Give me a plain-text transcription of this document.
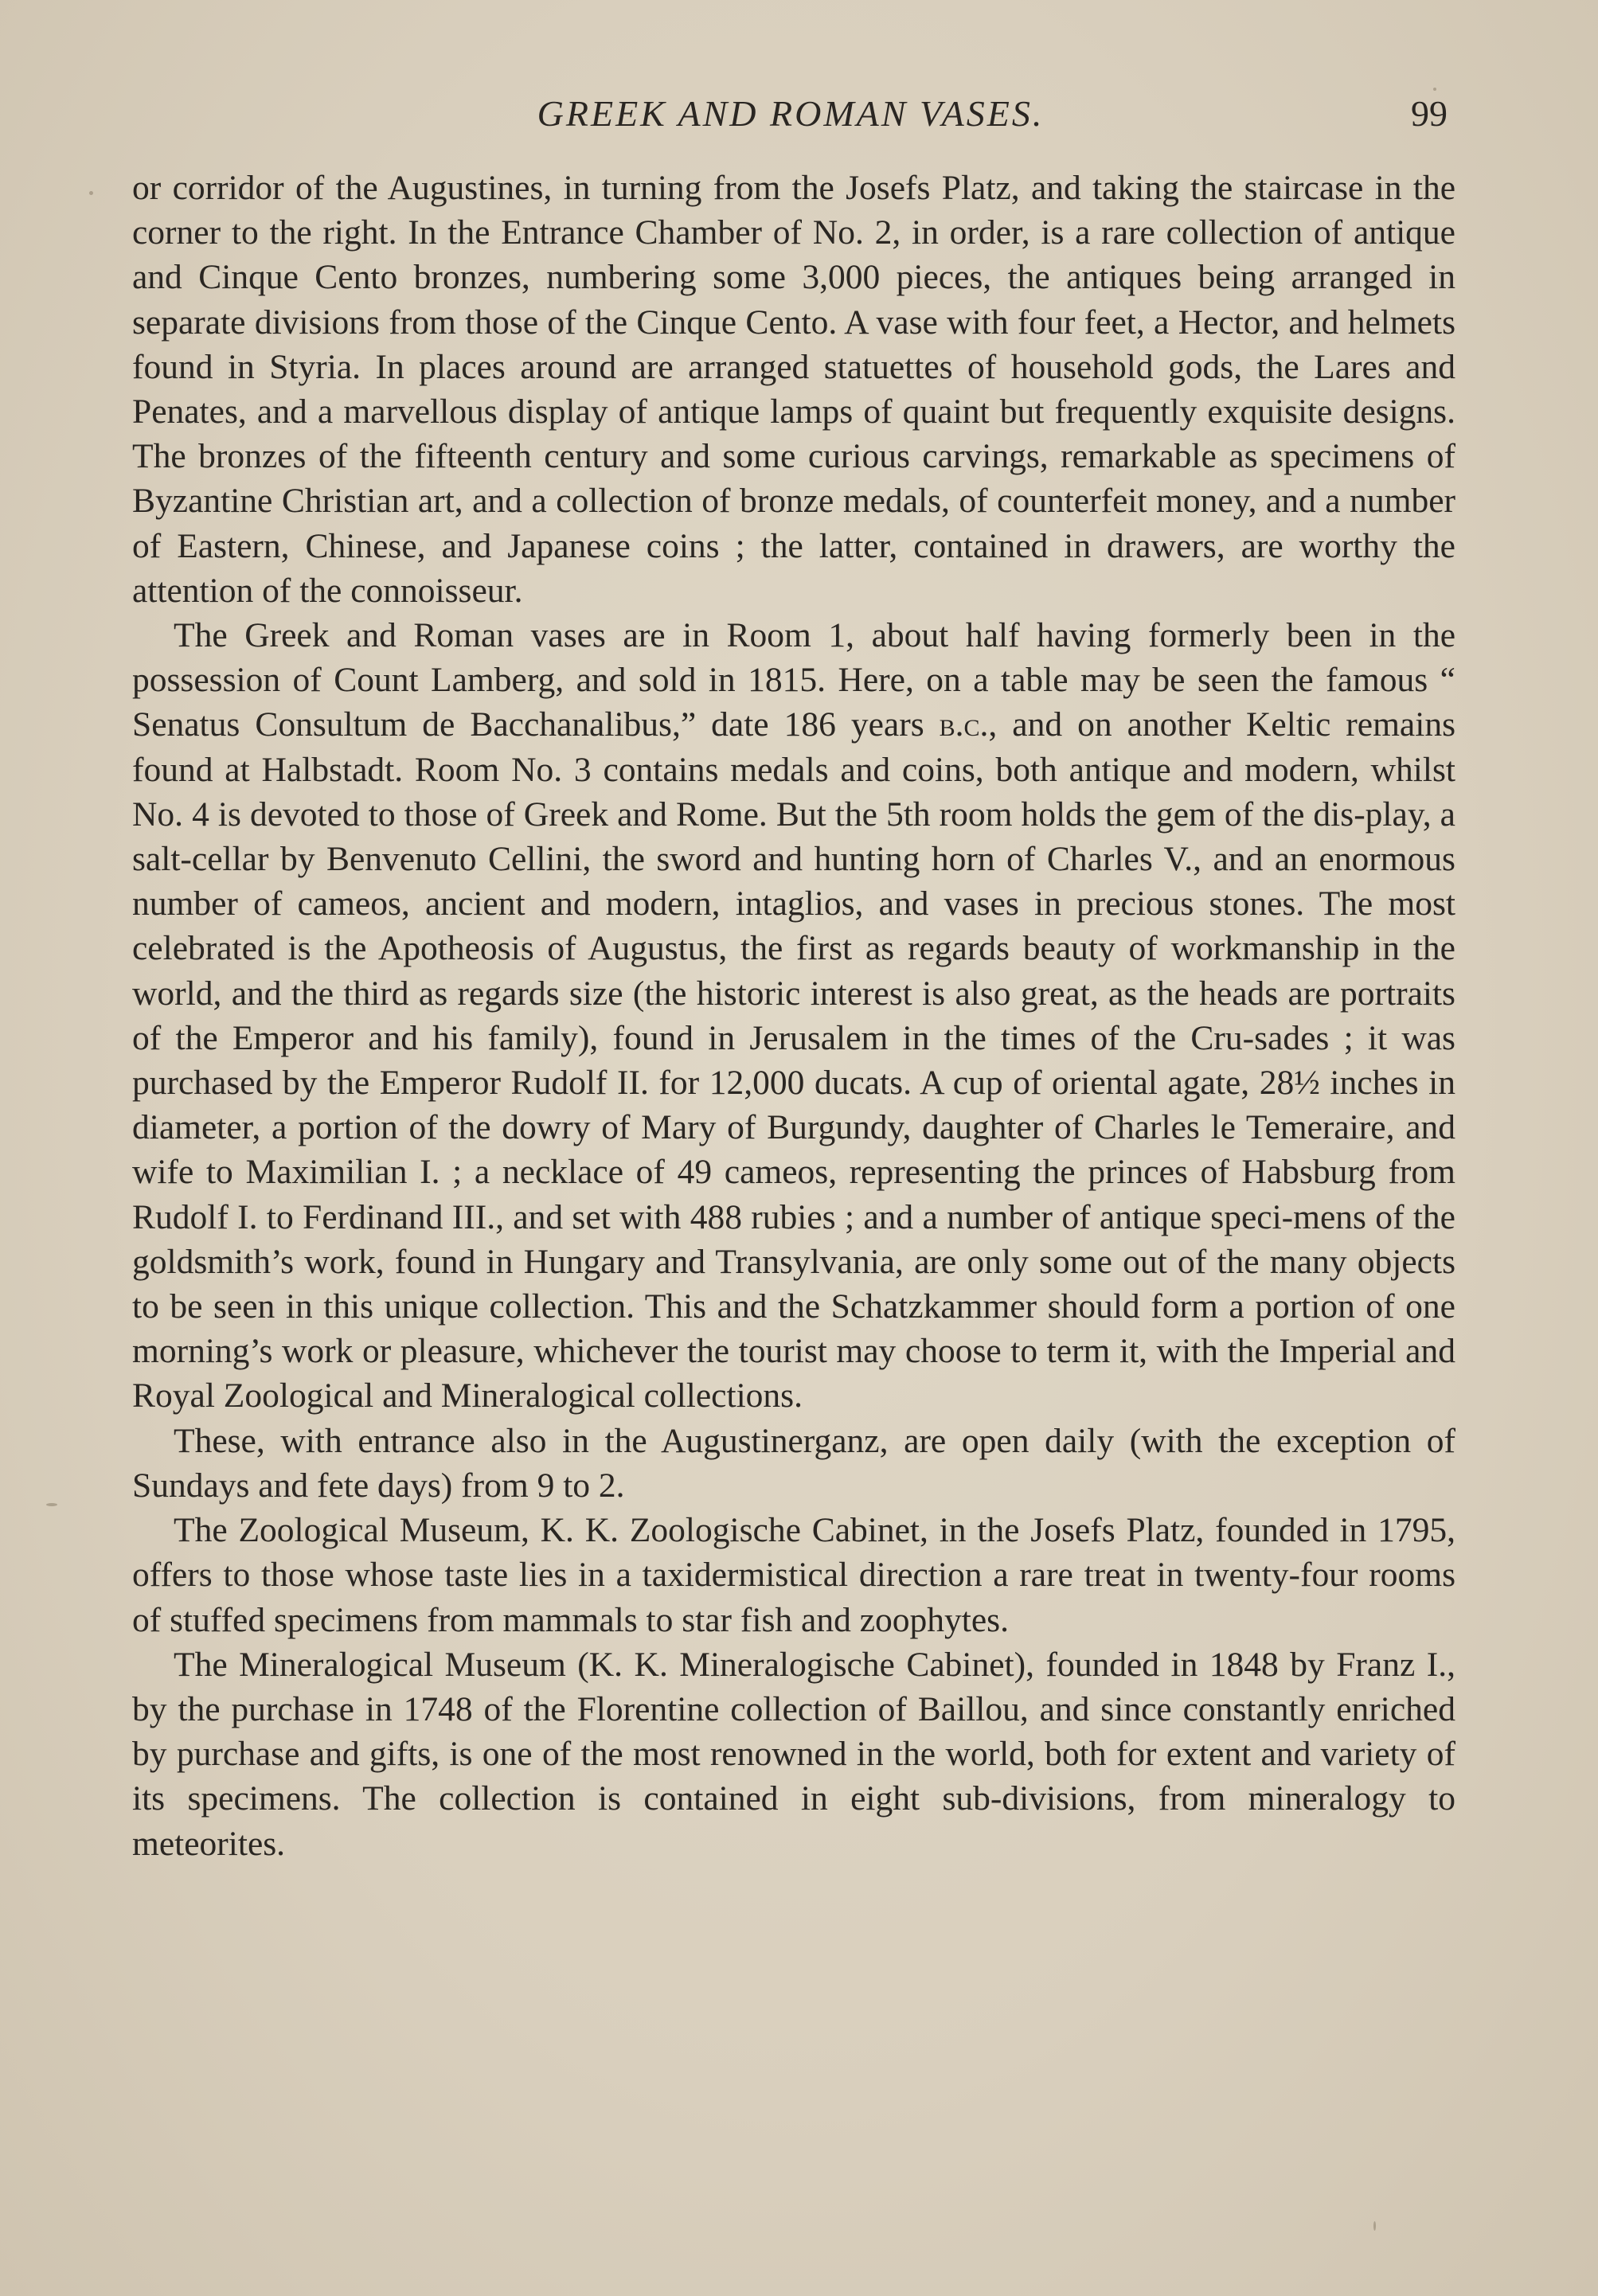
GREEK AND ROMAN VASES.	99

or corridor of the Augustines, in turning from the Josefs Platz, and taking the staircase in the corner to the right. In the Entrance Chamber of No. 2, in order, is a rare collection of antique and Cinque Cento bronzes, numbering some 3,000 pieces, the antiques being arranged in separate divisions from those of the Cinque Cento. A vase with four feet, a Hector, and helmets found in Styria. In places around are arranged statuettes of household gods, the Lares and Penates, and a marvellous display of antique lamps of quaint but frequently exquisite designs. The bronzes of the fifteenth century and some curious carvings, remarkable as specimens of Byzantine Christian art, and a collection of bronze medals, of counterfeit money, and a number of Eastern, Chinese, and Japanese coins ; the latter, contained in drawers, are worthy the attention of the connoisseur.

The Greek and Roman vases are in Room 1, about half having formerly been in the possession of Count Lamberg, and sold in 1815. Here, on a table may be seen the famous “ Senatus Consultum de Bacchanalibus,” date 186 years b.c., and on another Keltic remains found at Halbstadt. Room No. 3 contains medals and coins, both antique and modern, whilst No. 4 is devoted to those of Greek and Rome. But the 5th room holds the gem of the dis-play, a salt-cellar by Benvenuto Cellini, the sword and hunting horn of Charles V., and an enormous number of cameos, ancient and modern, intaglios, and vases in precious stones. The most celebrated is the Apotheosis of Augustus, the first as regards beauty of workmanship in the world, and the third as regards size (the historic interest is also great, as the heads are portraits of the Emperor and his family), found in Jerusalem in the times of the Cru-sades ; it was purchased by the Emperor Rudolf II. for 12,000 ducats. A cup of oriental agate, 28½ inches in diameter, a portion of the dowry of Mary of Burgundy, daughter of Charles le Temeraire, and wife to Maximilian I. ; a necklace of 49 cameos, representing the princes of Habsburg from Rudolf I. to Ferdinand III., and set with 488 rubies ; and a number of antique speci-mens of the goldsmith’s work, found in Hungary and Transylvania, are only some out of the many objects to be seen in this unique collection. This and the Schatzkammer should form a portion of one morning’s work or pleasure, whichever the tourist may choose to term it, with the Imperial and Royal Zoological and Mineralogical collections.

These, with entrance also in the Augustinerganz, are open daily (with the exception of Sundays and fete days) from 9 to 2.

The Zoological Museum, K. K. Zoologische Cabinet, in the Josefs Platz, founded in 1795, offers to those whose taste lies in a taxidermistical direction a rare treat in twenty-four rooms of stuffed specimens from mammals to star fish and zoophytes.

The Mineralogical Museum (K. K. Mineralogische Cabinet), founded in 1848 by Franz I., by the purchase in 1748 of the Florentine collection of Baillou, and since constantly enriched by purchase and gifts, is one of the most renowned in the world, both for extent and variety of its specimens. The collection is contained in eight sub-divisions, from mineralogy to meteorites.
